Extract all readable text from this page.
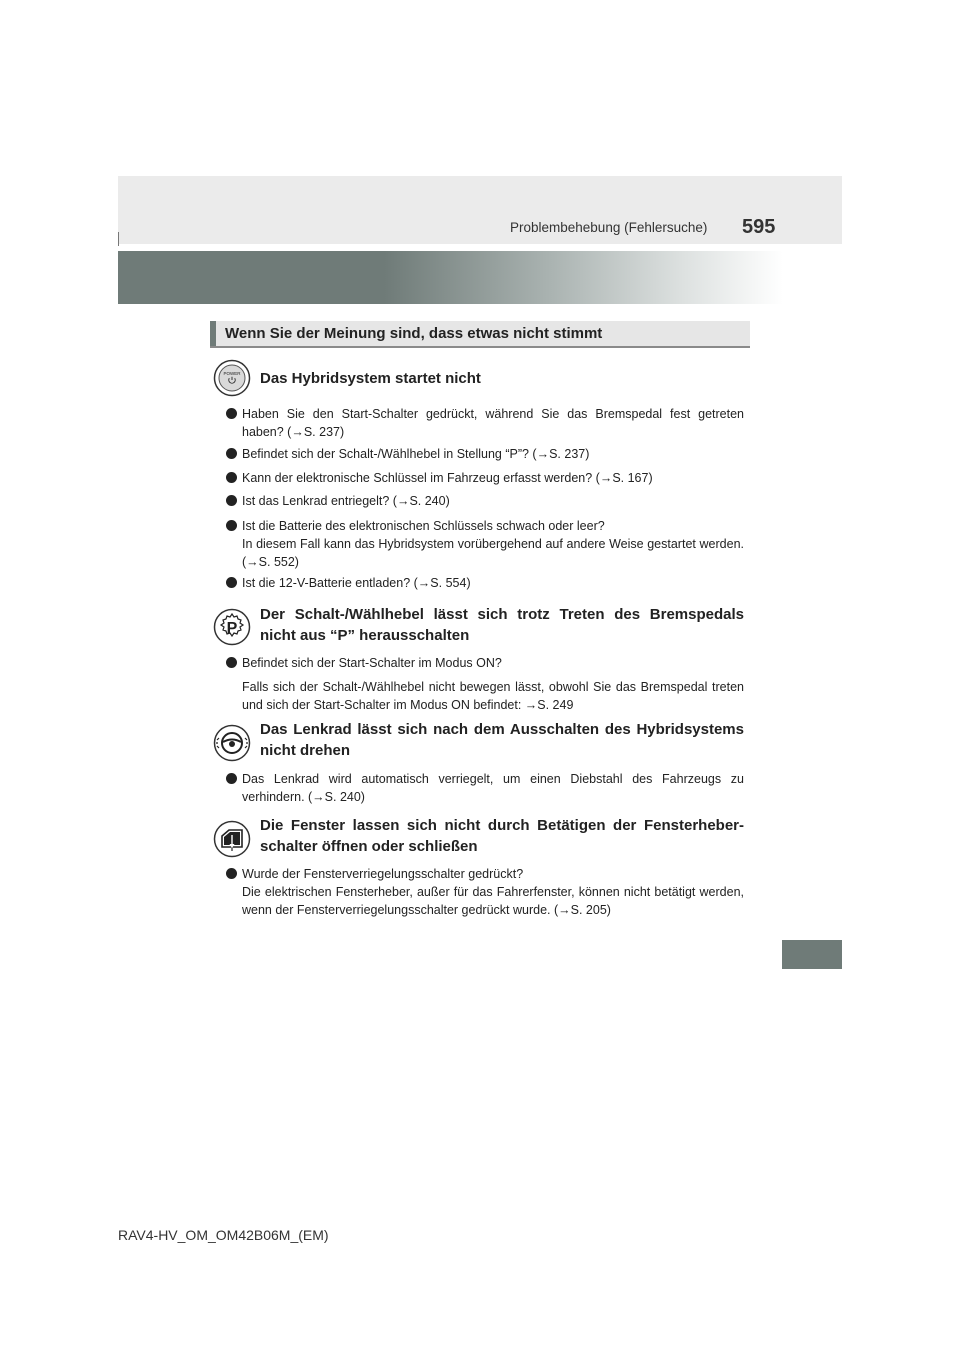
Problembehebung (Fehlersuche) 595
Wenn Sie der Meinung sind, dass etwas nicht stimmt
POWER Das Hybridsystem startet nicht

Haben Sie den Start-Schalter gedrückt, während Sie das Bremspedal fest getreten haben? (→S. 237)

Befindet sich der Schalt-/Wählhebel in Stellung “P”? (→S. 237)

Kann der elektronische Schlüssel im Fahrzeug erfasst werden? (→S. 167)

Ist das Lenkrad entriegelt? (→S. 240)

Ist die Batterie des elektronischen Schlüssels schwach oder leer?

In diesem Fall kann das Hybridsystem vorübergehend auf andere Weise gestartet werden. (→S. 552)

Ist die 12-V-Batterie entladen? (→S. 554)

P
Der Schalt-/Wählhebel lässt sich trotz Treten des Bremspedals nicht aus “P” herausschalten

Befindet sich der Start-Schalter im Modus ON?

Falls sich der Schalt-/Wählhebel nicht bewegen lässt, obwohl Sie das Bremspedal treten und sich der Start-Schalter im Modus ON befindet: →S. 249

Das Lenkrad lässt sich nach dem Ausschalten des Hybridsystems nicht drehen

Das Lenkrad wird automatisch verriegelt, um einen Diebstahl des Fahrzeugs zu verhindern. (→S. 240)

Die Fenster lassen sich nicht durch Betätigen der Fensterheber-schalter öffnen oder schließen

Wurde der Fensterverriegelungsschalter gedrückt?

Die elektrischen Fensterheber, außer für das Fahrerfenster, können nicht betätigt werden, wenn der Fensterverriegelungsschalter gedrückt wurde. (→S. 205)

RAV4-HV_OM_OM42B06M_(EM)
